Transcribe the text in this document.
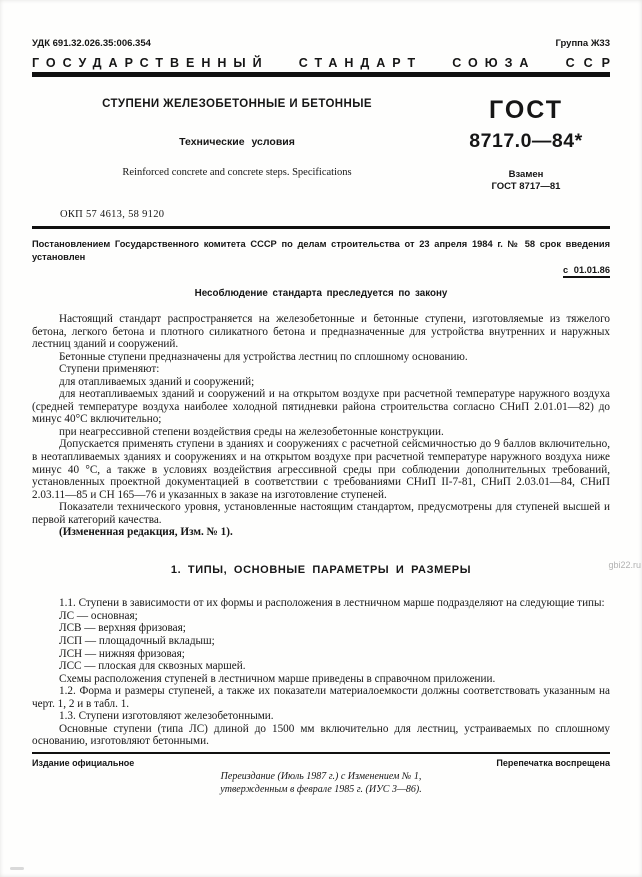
УДК 691.32.026.35:006.354	Группа Ж33
ГОСУДАРСТВЕННЫЙ СТАНДАРТ СОЮЗА ССР
СТУПЕНИ ЖЕЛЕЗОБЕТОННЫЕ И БЕТОННЫЕ
Технические условия
Reinforced concrete and concrete steps. Specifications
ГОСТ
8717.0—84*
Взамен
ГОСТ 8717—81
ОКП 57 4613, 58 9120
Постановлением Государственного комитета СССР по делам строительства от 23 апреля 1984 г. № 58 срок введения установлен
с 01.01.86
Несоблюдение стандарта преследуется по закону

Настоящий стандарт распространяется на железобетонные и бетонные ступени, изготовляемые из тяжелого бетона, легкого бетона и плотного силикатного бетона и предназначенные для устройства внутренних и наружных лестниц зданий и сооружений.

Бетонные ступени предназначены для устройства лестниц по сплошному основанию.

Ступени применяют:

для отапливаемых зданий и сооружений;

для неотапливаемых зданий и сооружений и на открытом воздухе при расчетной температуре наружного воздуха (средней температуре воздуха наиболее холодной пятидневки района строительства согласно СНиП 2.01.01—82) до минус 40°С включительно;

при неагрессивной степени воздействия среды на железобетонные конструкции.

Допускается применять ступени в зданиях и сооружениях с расчетной сейсмичностью до 9 баллов включительно, в неотапливаемых зданиях и сооружениях и на открытом воздухе при расчетной температуре наружного воздуха ниже минус 40 °С, а также в условиях воздействия агрессивной среды при соблюдении дополнительных требований, установленных проектной документацией в соответствии с требованиями СНиП II-7-81, СНиП 2.03.01—84, СНиП 2.03.11—85 и СН 165—76 и указанных в заказе на изготовление ступеней.

Показатели технического уровня, установленные настоящим стандартом, предусмотрены для ступеней высшей и первой категорий качества.

(Измененная редакция, Изм. № 1).

1. ТИПЫ, ОСНОВНЫЕ ПАРАМЕТРЫ И РАЗМЕРЫ

1.1. Ступени в зависимости от их формы и расположения в лестничном марше подразделяют на следующие типы:

ЛС — основная;

ЛСВ — верхняя фризовая;

ЛСП — площадочный вкладыш;

ЛСН — нижняя фризовая;

ЛСС — плоская для сквозных маршей.

Схемы расположения ступеней в лестничном марше приведены в справочном приложении.

1.2. Форма и размеры ступеней, а также их показатели материалоемкости должны соответствовать указанным на черт. 1, 2 и в табл. 1.

1.3. Ступени изготовляют железобетонными.

Основные ступени (типа ЛС) длиной до 1500 мм включительно для лестниц, устраиваемых по сплошному основанию, изготовляют бетонными.

gbi22.ru
Издание официальное	Перепечатка воспрещена
Переиздание (Июль 1987 г.) с Изменением № 1,
утвержденным в феврале 1985 г. (ИУС 3—86).
